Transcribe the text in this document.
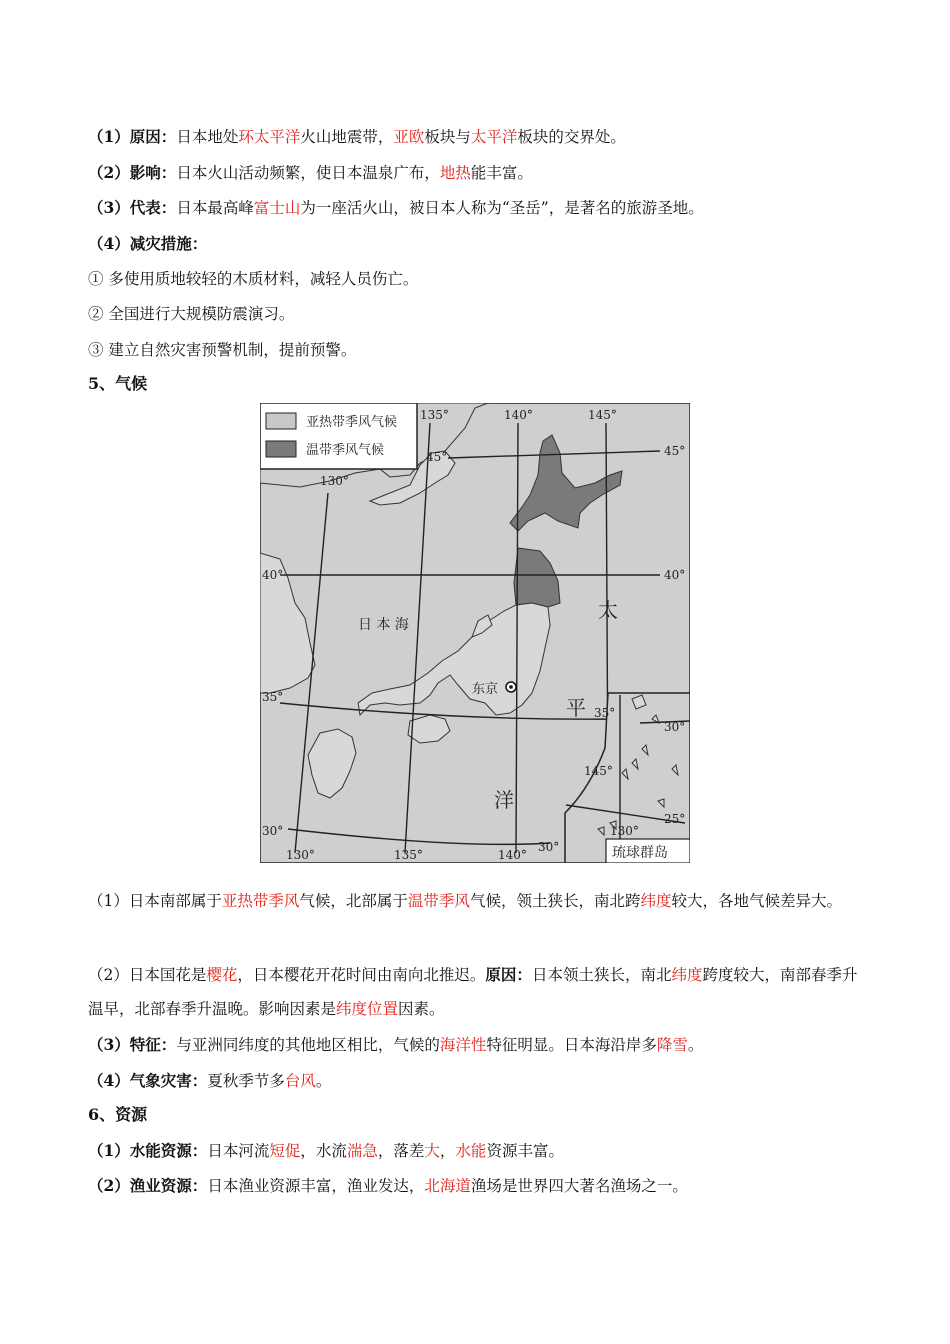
（1）原因：日本地处环太平洋火山地震带，亚欧板块与太平洋板块的交界处。
（2）影响：日本火山活动频繁，使日本温泉广布，地热能丰富。
（3）代表：日本最高峰富士山为一座活火山，被日本人称为“圣岳”，是著名的旅游圣地。
（4）减灾措施：
① 多使用质地较轻的木质材料，减轻人员伤亡。
② 全国进行大规模防震演习。
③ 建立自然灾害预警机制，提前预警。
5、气候
亚热带季风气候
温带季风气候
130°
135°	140°	145°
130°	135°	140°
145°
130°
45°	45°
40°	40°
35°
35°
30°
30°
30°
25°
日 本 海
太
平
洋
东京
琉球群岛
（1）日本南部属于亚热带季风气候，北部属于温带季风气候，领土狭长，南北跨纬度较大，各地气候差异大。
（2）日本国花是樱花，日本樱花开花时间由南向北推迟。原因：日本领土狭长，南北纬度跨度较大，南部春季升温早，北部春季升温晚。影响因素是纬度位置因素。
（3）特征：与亚洲同纬度的其他地区相比，气候的海洋性特征明显。日本海沿岸多降雪。
（4）气象灾害：夏秋季节多台风。
6、资源
（1）水能资源：日本河流短促，水流湍急，落差大，水能资源丰富。
（2）渔业资源：日本渔业资源丰富，渔业发达，北海道渔场是世界四大著名渔场之一。
